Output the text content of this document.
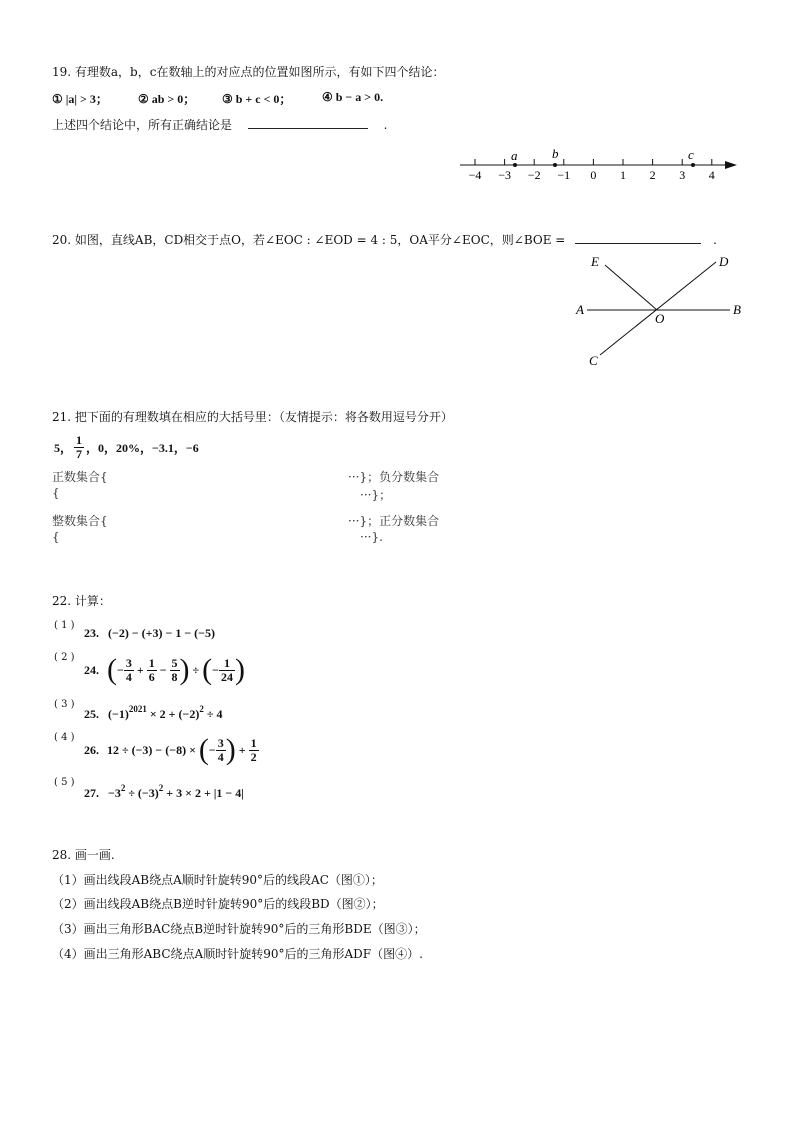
19. 有理数a，b，c在数轴上的对应点的位置如图所示，有如下四个结论：
① |a| > 3；	② ab > 0； ③ b + c < 0；	④ b − a > 0.
上述四个结论中，所有正确结论是	.
−4 −3 −2 −1 0 1 2 3 4
a	b	c
20. 如图，直线AB，CD相交于点O，若∠EOC : ∠EOD = 4 : 5，OA平分∠EOC，则∠BOE =	.
E	D
A
O
B
C
21. 把下面的有理数填在相应的大括号里：（友情提示：将各数用逗号分开）
5， $\frac{1}{7}$ ，0，20%，−3.1，−6
正数集合{	···}；负分数集合
{	···}；
整数集合{	···}；正分数集合
{	···}.
22. 计算：
( 1 )
23. (−2) − (+3) − 1 − (−5)
( 2 )
24. ( − $\frac{3}{4} + \frac{1}{6} - \frac{5}{8}$ ) ÷ ( − $\frac{1}{24}$ )
( 3 )
25. $(-1)^{2021} \times 2 + (-2)^2 \div 4$
( 4 )
26. 12 ÷ (−3) − (−8) × ( − $\frac{3}{4}$ ) + $\frac{1}{2}$
( 5 )
27. $-3^2 \div (-3)^2 + 3 \times 2 + |1 - 4|$
28. 画一画.
（1）画出线段AB绕点A顺时针旋转90°后的线段AC（图①）；
（2）画出线段AB绕点B逆时针旋转90°后的线段BD（图②）；
（3）画出三角形BAC绕点B逆时针旋转90°后的三角形BDE（图③）；
（4）画出三角形ABC绕点A顺时针旋转90°后的三角形ADF（图④）.
